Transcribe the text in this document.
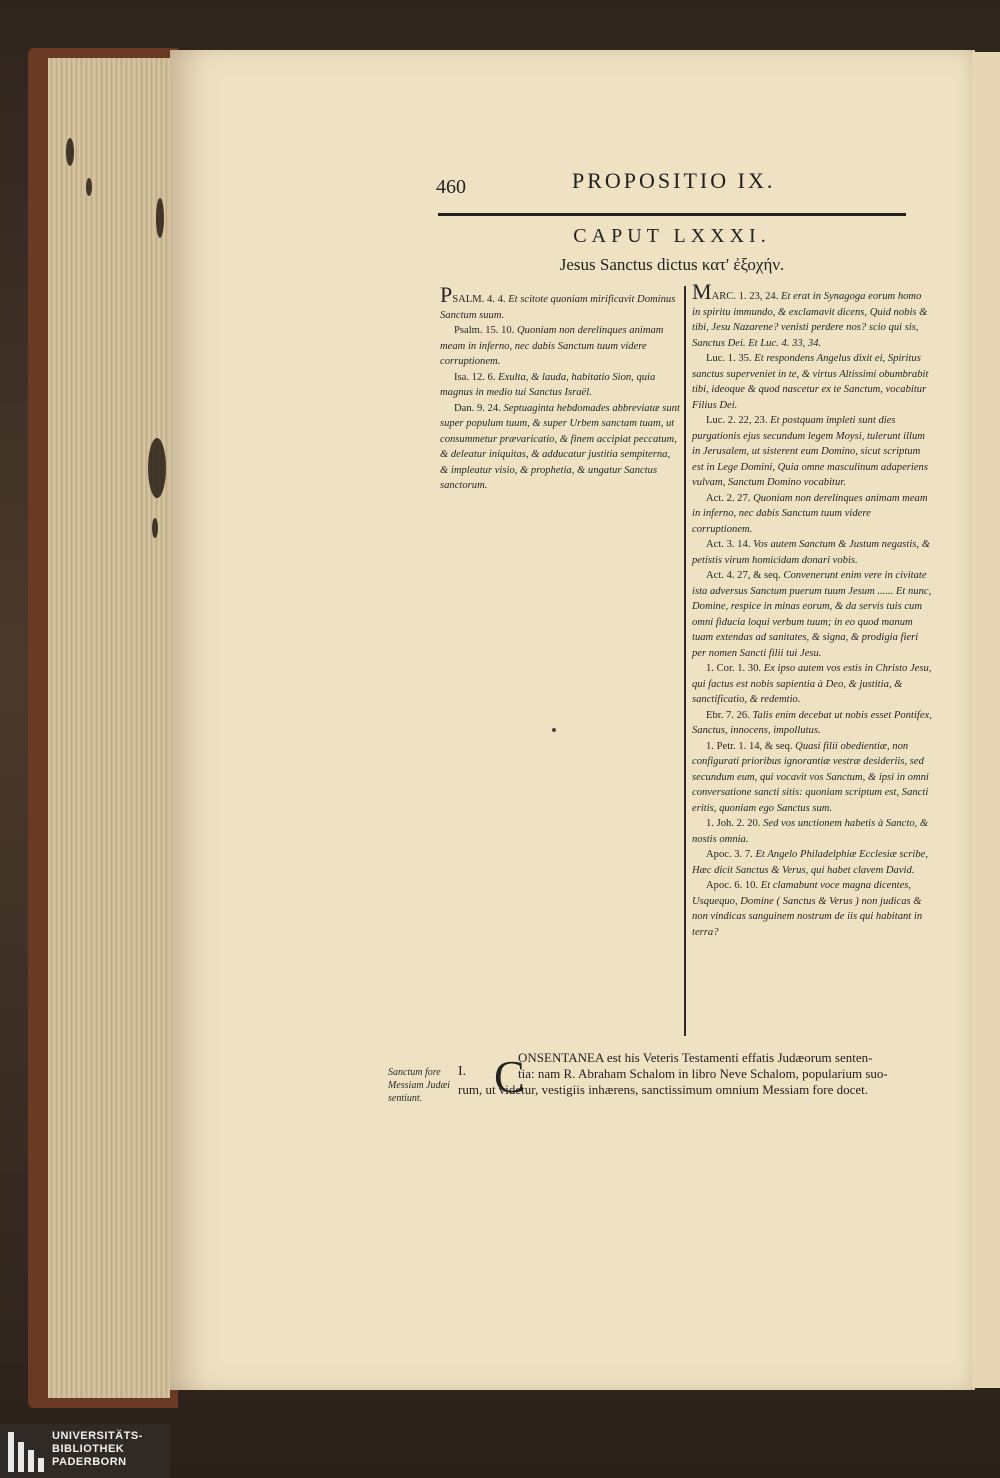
460	PROPOSITIO IX.
CAPUT LXXXI.
Jesus Sanctus dictus κατ' ἐξοχήν.

PSALM. 4. 4. Et scitote quoniam mirificavit Dominus Sanctum suum.

Psalm. 15. 10. Quoniam non derelinques animam meam in inferno, nec dabis Sanctum tuum videre corruptionem.

Isa. 12. 6. Exulta, & lauda, habitatio Sion, quia magnus in medio tui Sanctus Israël.

Dan. 9. 24. Septuaginta hebdomades abbreviatæ sunt super populum tuum, & super Urbem sanctam tuam, ut consummetur prævaricatio, & finem accipiat peccatum, & deleatur iniquitas, & adducatur justitia sempiterna, & impleatur visio, & prophetia, & ungatur Sanctus sanctorum.

MARC. 1. 23, 24. Et erat in Synagoga eorum homo in spiritu immundo, & exclamavit dicens, Quid nobis & tibi, Jesu Nazarene? venisti perdere nos? scio qui sis, Sanctus Dei. Et Luc. 4. 33, 34.

Luc. 1. 35. Et respondens Angelus dixit ei, Spiritus sanctus superveniet in te, & virtus Altissimi obumbrabit tibi, ideoque & quod nascetur ex te Sanctum, vocabitur Filius Dei.

Luc. 2. 22, 23. Et postquam impleti sunt dies purgationis ejus secundum legem Moysi, tulerunt illum in Jerusalem, ut sisterent eum Domino, sicut scriptum est in Lege Domini, Quia omne masculinum adaperiens vulvam, Sanctum Domino vocabitur.

Act. 2. 27. Quoniam non derelinques animam meam in inferno, nec dabis Sanctum tuum videre corruptionem.

Act. 3. 14. Vos autem Sanctum & Justum negastis, & petistis virum homicidam donari vobis.

Act. 4. 27, & seq. Convenerunt enim vere in civitate ista adversus Sanctum puerum tuum Jesum ...... Et nunc, Domine, respice in minas eorum, & da servis tuis cum omni fiducia loqui verbum tuum; in eo quod manum tuam extendas ad sanitates, & signa, & prodigia fieri per nomen Sancti filii tui Jesu.

1. Cor. 1. 30. Ex ipso autem vos estis in Christo Jesu, qui factus est nobis sapientia à Deo, & justitia, & sanctificatio, & redemtio.

Ebr. 7. 26. Talis enim decebat ut nobis esset Pontifex, Sanctus, innocens, impollutus.

1. Petr. 1. 14, & seq. Quasi filii obedientiæ, non configurati prioribus ignorantiæ vestræ desideriis, sed secundum eum, qui vocavit vos Sanctum, & ipsi in omni conversatione sancti sitis: quoniam scriptum est, Sancti eritis, quoniam ego Sanctus sum.

1. Joh. 2. 20. Sed vos unctionem habetis à Sancto, & nostis omnia.

Apoc. 3. 7. Et Angelo Philadelphiæ Ecclesiæ scribe, Hæc dicit Sanctus & Verus, qui habet clavem David.

Apoc. 6. 10. Et clamabunt voce magna dicentes, Usquequo, Domine ( Sanctus & Verus ) non judicas & non vindicas sanguinem nostrum de iis qui habitant in terra?

Sanctum fore Messiam Judæi sentiunt.
I. C
ONSENTANEA est his Veteris Testamenti effatis Judæorum senten-
tia: nam R. Abraham Schalom in libro Neve Schalom, popularium suo-
rum, ut videtur, vestigiis inhærens, sanctissimum omnium Messiam fore docet.
UNIVERSITÄTS-
BIBLIOTHEK
PADERBORN
